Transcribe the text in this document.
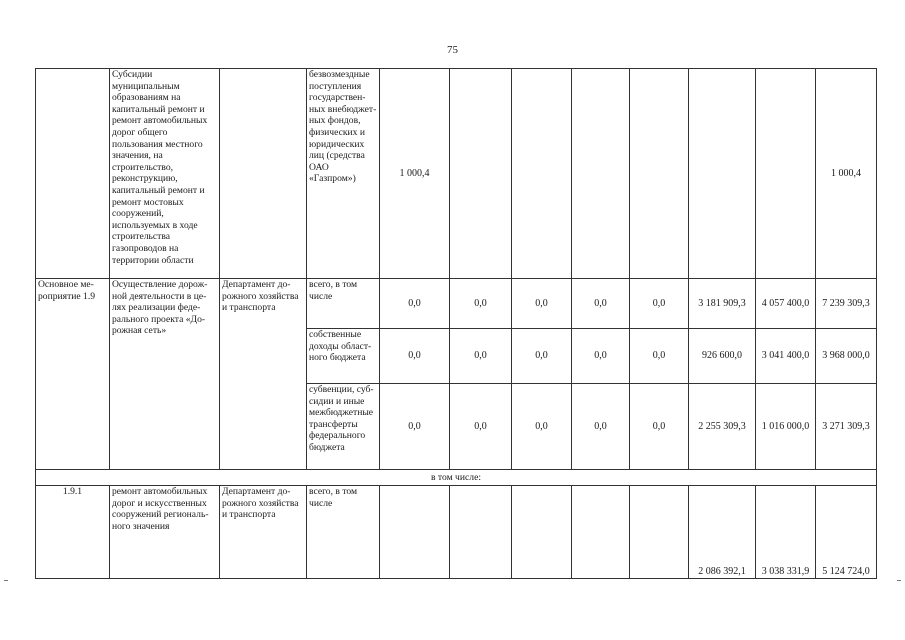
75
	Субсидии муниципальным образованиям на капитальный ремонт и ремонт автомобильных дорог общего пользования местного значения, на строительство, реконструкцию, капитальный ремонт и ремонт мостовых сооружений, используемых в ходе строительства газопроводов на территории области		безвозмездные поступления государствен-ных внебюджет-ных фондов, физических и юридических лиц (средства ОАО «Газпром»)	1 000,4							1 000,4
Основное ме-роприятие 1.9	Осуществление дорож-ной деятельности в це-лях реализации феде-рального проекта «До-рожная сеть»	Департамент до-рожного хозяйства и транспорта	всего, в том числе	0,0	0,0	0,0	0,0	0,0	3 181 909,3	4 057 400,0	7 239 309,3
			собственные доходы област-ного бюджета	0,0	0,0	0,0	0,0	0,0	926 600,0	3 041 400,0	3 968 000,0
			субвенции, суб-сидии и иные межбюджетные трансферты федерального бюджета	0,0	0,0	0,0	0,0	0,0	2 255 309,3	1 016 000,0	3 271 309,3
в том числе:											
1.9.1	ремонт автомобильных дорог и искусственных сооружений региональ-ного значения	Департамент до-рожного хозяйства и транспорта	всего, в том числе						2 086 392,1	3 038 331,9	5 124 724,0
